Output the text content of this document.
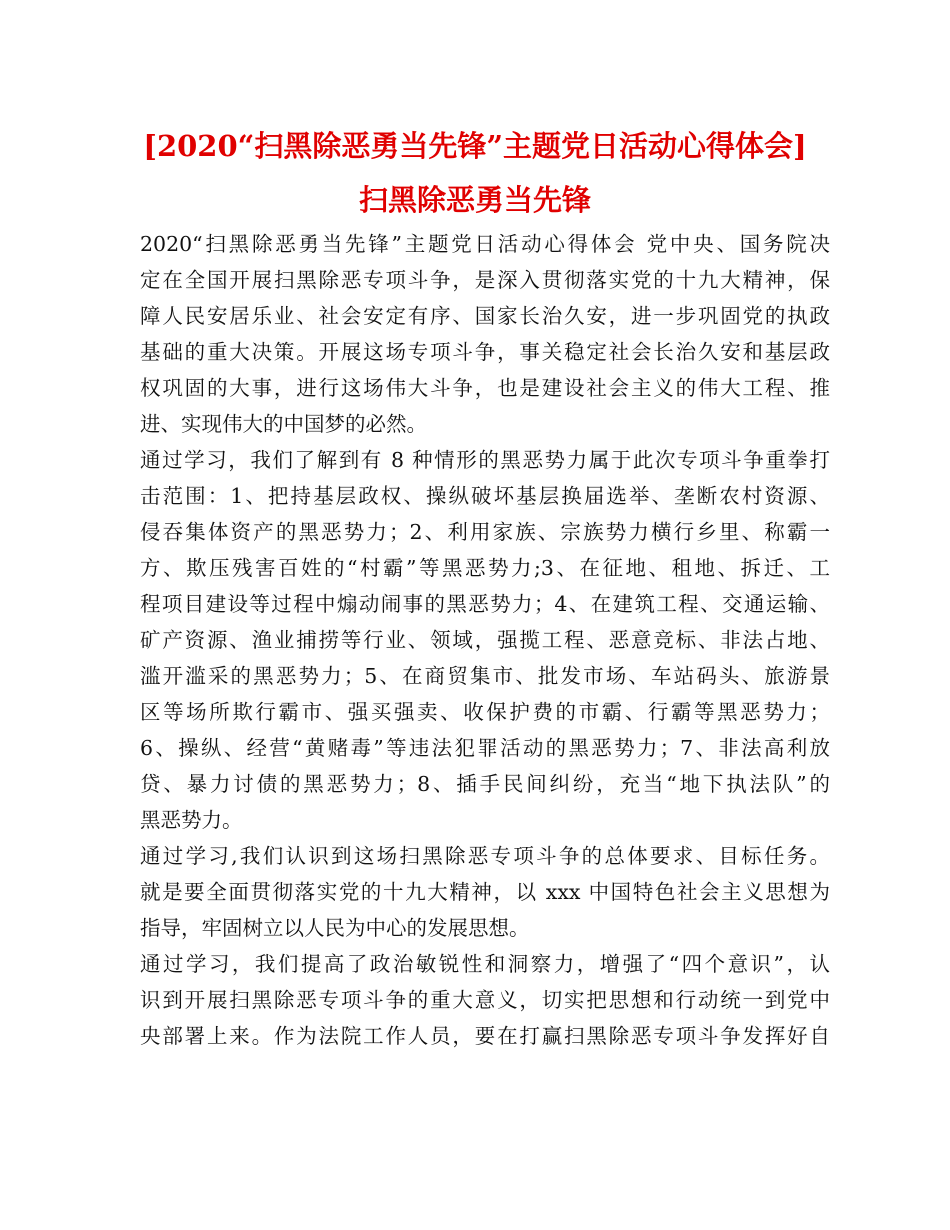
[2020“扫黑除恶勇当先锋”主题党日活动心得体会]
扫黑除恶勇当先锋
2020“扫黑除恶勇当先锋”主题党日活动心得体会 党中央、国务院决
定在全国开展扫黑除恶专项斗争，是深入贯彻落实党的十九大精神，保
障人民安居乐业、社会安定有序、国家长治久安，进一步巩固党的执政
基础的重大决策。开展这场专项斗争，事关稳定社会长治久安和基层政
权巩固的大事，进行这场伟大斗争，也是建设社会主义的伟大工程、推
进、实现伟大的中国梦的必然。
通过学习，我们了解到有 8 种情形的黑恶势力属于此次专项斗争重拳打
击范围：1、把持基层政权、操纵破坏基层换届选举、垄断农村资源、
侵吞集体资产的黑恶势力；2、利用家族、宗族势力横行乡里、称霸一
方、欺压残害百姓的“村霸”等黑恶势力;3、在征地、租地、拆迁、工
程项目建设等过程中煽动闹事的黑恶势力；4、在建筑工程、交通运输、
矿产资源、渔业捕捞等行业、领域，强揽工程、恶意竞标、非法占地、
滥开滥采的黑恶势力；5、在商贸集市、批发市场、车站码头、旅游景
区等场所欺行霸市、强买强卖、收保护费的市霸、行霸等黑恶势力；
6、操纵、经营“黄赌毒”等违法犯罪活动的黑恶势力；7、非法高利放
贷、暴力讨债的黑恶势力；8、插手民间纠纷，充当“地下执法队”的
黑恶势力。
通过学习,我们认识到这场扫黑除恶专项斗争的总体要求、目标任务。
就是要全面贯彻落实党的十九大精神，以 xxx 中国特色社会主义思想为
指导，牢固树立以人民为中心的发展思想。
通过学习，我们提高了政治敏锐性和洞察力，增强了“四个意识”，认
识到开展扫黑除恶专项斗争的重大意义，切实把思想和行动统一到党中
央部署上来。作为法院工作人员，要在打赢扫黑除恶专项斗争发挥好自
